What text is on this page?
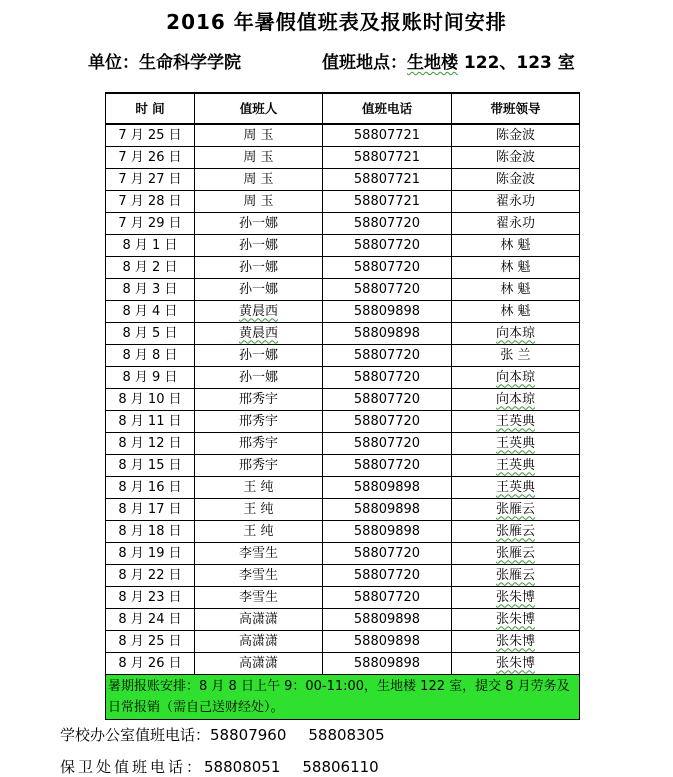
2016 年暑假值班表及报账时间安排
单位：生命科学学院	值班地点：生地楼 122、123 室
时 间	值班人	值班电话	带班领导
7 月 25 日	周 玉	58807721	陈金波
7 月 26 日	周 玉	58807721	陈金波
7 月 27 日	周 玉	58807721	陈金波
7 月 28 日	周 玉	58807721	翟永功
7 月 29 日	孙一娜	58807720	翟永功
8 月 1 日	孙一娜	58807720	林 魁
8 月 2 日	孙一娜	58807720	林 魁
8 月 3 日	孙一娜	58807720	林 魁
8 月 4 日	黄晨西	58809898	林 魁
8 月 5 日	黄晨西	58809898	向本琼
8 月 8 日	孙一娜	58807720	张 兰
8 月 9 日	孙一娜	58807720	向本琼
8 月 10 日	邢秀宇	58807720	向本琼
8 月 11 日	邢秀宇	58807720	王英典
8 月 12 日	邢秀宇	58807720	王英典
8 月 15 日	邢秀宇	58807720	王英典
8 月 16 日	王 纯	58809898	王英典
8 月 17 日	王 纯	58809898	张雁云
8 月 18 日	王 纯	58809898	张雁云
8 月 19 日	李雪生	58807720	张雁云
8 月 22 日	李雪生	58807720	张雁云
8 月 23 日	李雪生	58807720	张朱博
8 月 24 日	高潇潇	58809898	张朱博
8 月 25 日	高潇潇	58809898	张朱博
8 月 26 日	高潇潇	58809898	张朱博
暑期报账安排：8 月 8 日上午 9：00-11:00，生地楼 122 室，提交 8 月劳务及日常报销（需自己送财经处）。			
学校办公室值班电话：58807960 58808305
保卫处值班电话：58808051 58806110
